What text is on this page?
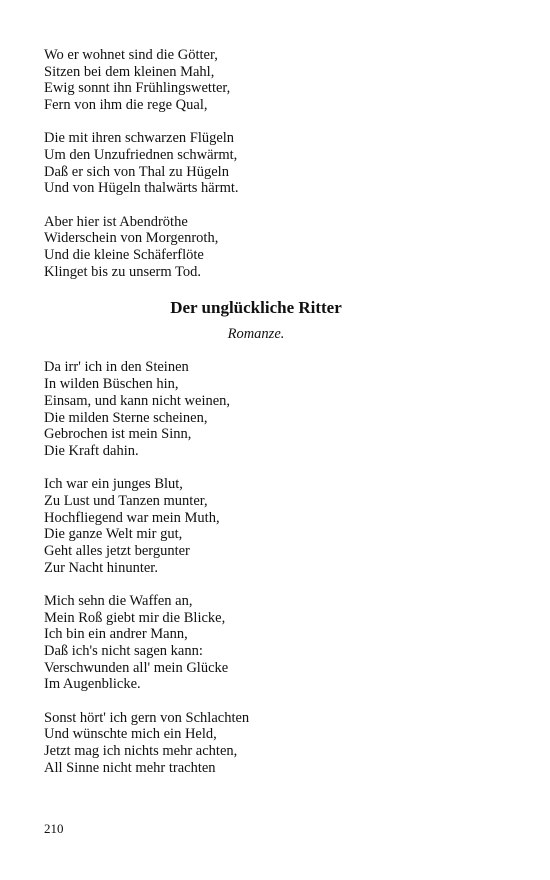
Wo er wohnet sind die Götter,
Sitzen bei dem kleinen Mahl,
Ewig sonnt ihn Frühlingswetter,
Fern von ihm die rege Qual,
Die mit ihren schwarzen Flügeln
Um den Unzufriednen schwärmt,
Daß er sich von Thal zu Hügeln
Und von Hügeln thalwärts härmt.
Aber hier ist Abendröthe
Widerschein von Morgenroth,
Und die kleine Schäferflöte
Klinget bis zu unserm Tod.
Der unglückliche Ritter
Romanze.
Da irr' ich in den Steinen
In wilden Büschen hin,
Einsam, und kann nicht weinen,
Die milden Sterne scheinen,
Gebrochen ist mein Sinn,
Die Kraft dahin.
Ich war ein junges Blut,
Zu Lust und Tanzen munter,
Hochfliegend war mein Muth,
Die ganze Welt mir gut,
Geht alles jetzt bergunter
Zur Nacht hinunter.
Mich sehn die Waffen an,
Mein Roß giebt mir die Blicke,
Ich bin ein andrer Mann,
Daß ich's nicht sagen kann:
Verschwunden all' mein Glücke
Im Augenblicke.
Sonst hört' ich gern von Schlachten
Und wünschte mich ein Held,
Jetzt mag ich nichts mehr achten,
All Sinne nicht mehr trachten
210
